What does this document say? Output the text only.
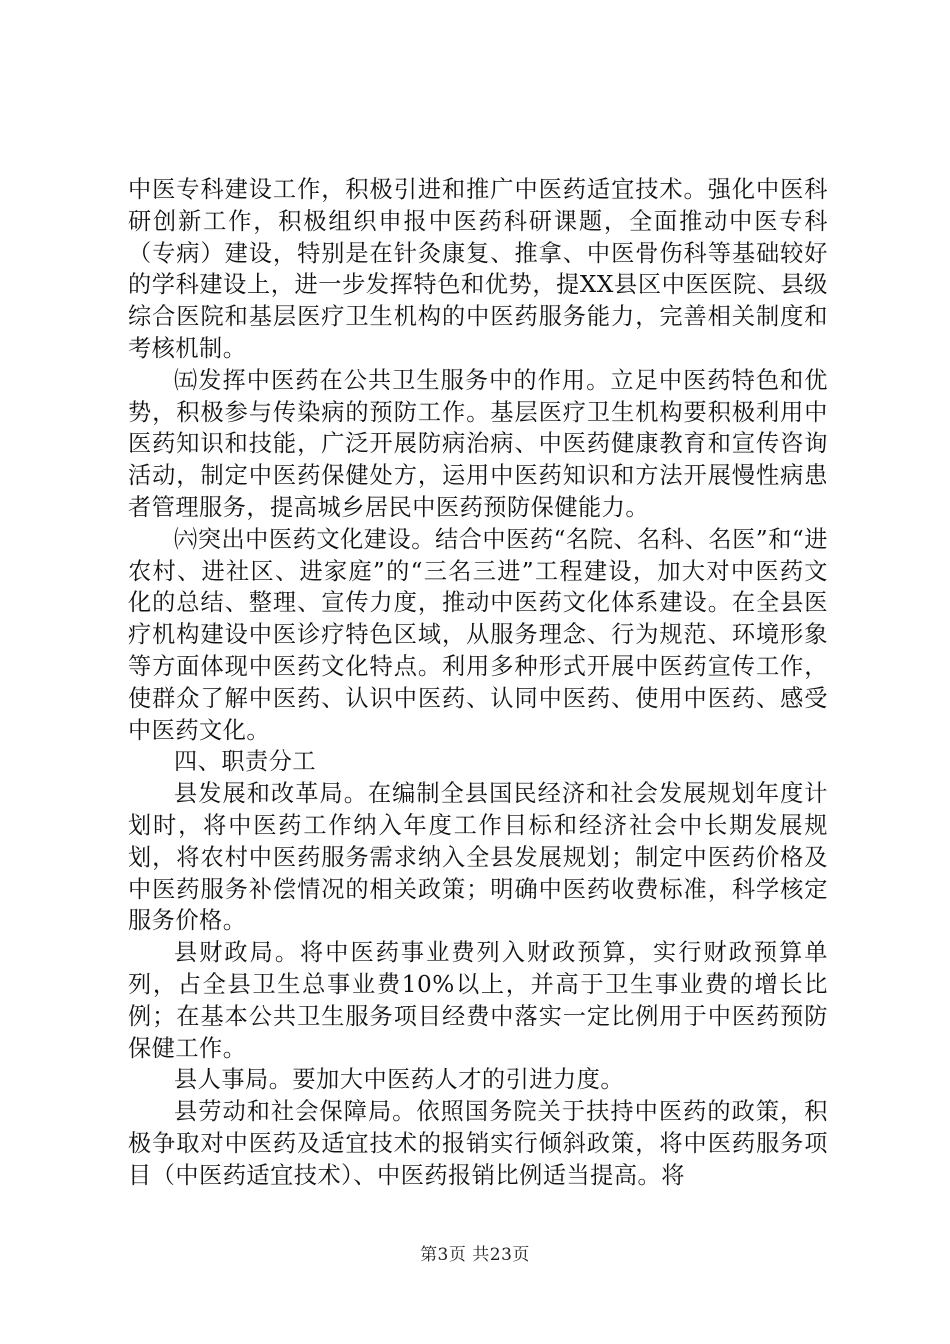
中医专科建设工作，积极引进和推广中医药适宜技术。强化中医科研创新工作，积极组织申报中医药科研课题，全面推动中医专科（专病）建设，特别是在针灸康复、推拿、中医骨伤科等基础较好的学科建设上，进一步发挥特色和优势，提XX县区中医医院、县级综合医院和基层医疗卫生机构的中医药服务能力，完善相关制度和考核机制。

㈤发挥中医药在公共卫生服务中的作用。立足中医药特色和优势，积极参与传染病的预防工作。基层医疗卫生机构要积极利用中医药知识和技能，广泛开展防病治病、中医药健康教育和宣传咨询活动，制定中医药保健处方，运用中医药知识和方法开展慢性病患者管理服务，提高城乡居民中医药预防保健能力。

㈥突出中医药文化建设。结合中医药“名院、名科、名医”和“进农村、进社区、进家庭”的“三名三进”工程建设，加大对中医药文化的总结、整理、宣传力度，推动中医药文化体系建设。在全县医疗机构建设中医诊疗特色区域，从服务理念、行为规范、环境形象等方面体现中医药文化特点。利用多种形式开展中医药宣传工作，使群众了解中医药、认识中医药、认同中医药、使用中医药、感受中医药文化。

四、职责分工

县发展和改革局。在编制全县国民经济和社会发展规划年度计划时，将中医药工作纳入年度工作目标和经济社会中长期发展规划，将农村中医药服务需求纳入全县发展规划；制定中医药价格及中医药服务补偿情况的相关政策；明确中医药收费标准，科学核定服务价格。

县财政局。将中医药事业费列入财政预算，实行财政预算单列，占全县卫生总事业费10%以上，并高于卫生事业费的增长比例；在基本公共卫生服务项目经费中落实一定比例用于中医药预防保健工作。

县人事局。要加大中医药人才的引进力度。

县劳动和社会保障局。依照国务院关于扶持中医药的政策，积极争取对中医药及适宜技术的报销实行倾斜政策，将中医药服务项目（中医药适宜技术）、中医药报销比例适当提高。将

第3页 共23页
